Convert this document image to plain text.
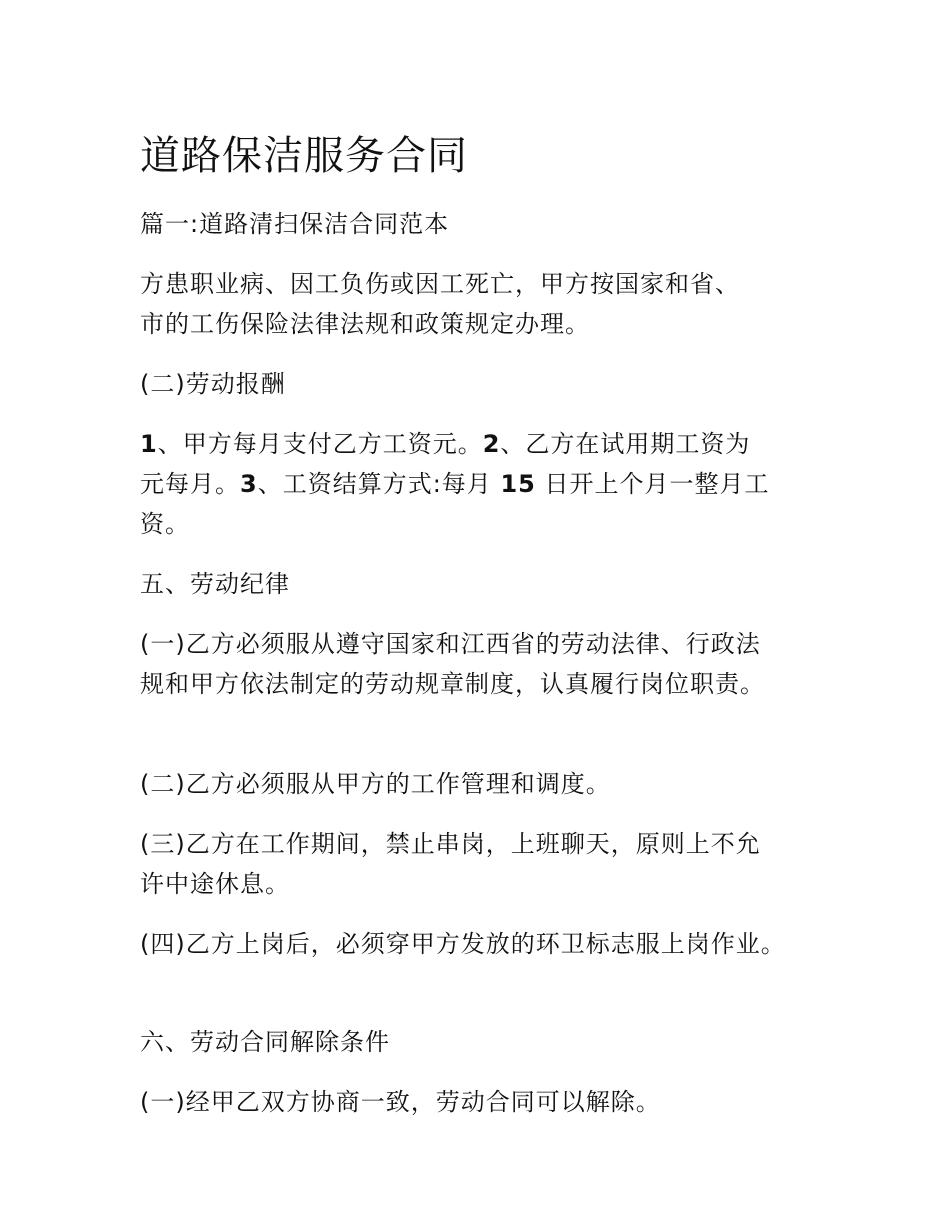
道路保洁服务合同

篇一:道路清扫保洁合同范本

方患职业病、因工负伤或因工死亡，甲方按国家和省、
市的工伤保险法律法规和政策规定办理。

(二)劳动报酬

1、甲方每月支付乙方工资元。2、乙方在试用期工资为
元每月。3、工资结算方式:每月 15 日开上个月一整月工
资。

五、劳动纪律

(一)乙方必须服从遵守国家和江西省的劳动法律、行政法
规和甲方依法制定的劳动规章制度，认真履行岗位职责。

(二)乙方必须服从甲方的工作管理和调度。

(三)乙方在工作期间，禁止串岗，上班聊天，原则上不允
许中途休息。

(四)乙方上岗后，必须穿甲方发放的环卫标志服上岗作业。

六、劳动合同解除条件

(一)经甲乙双方协商一致，劳动合同可以解除。
